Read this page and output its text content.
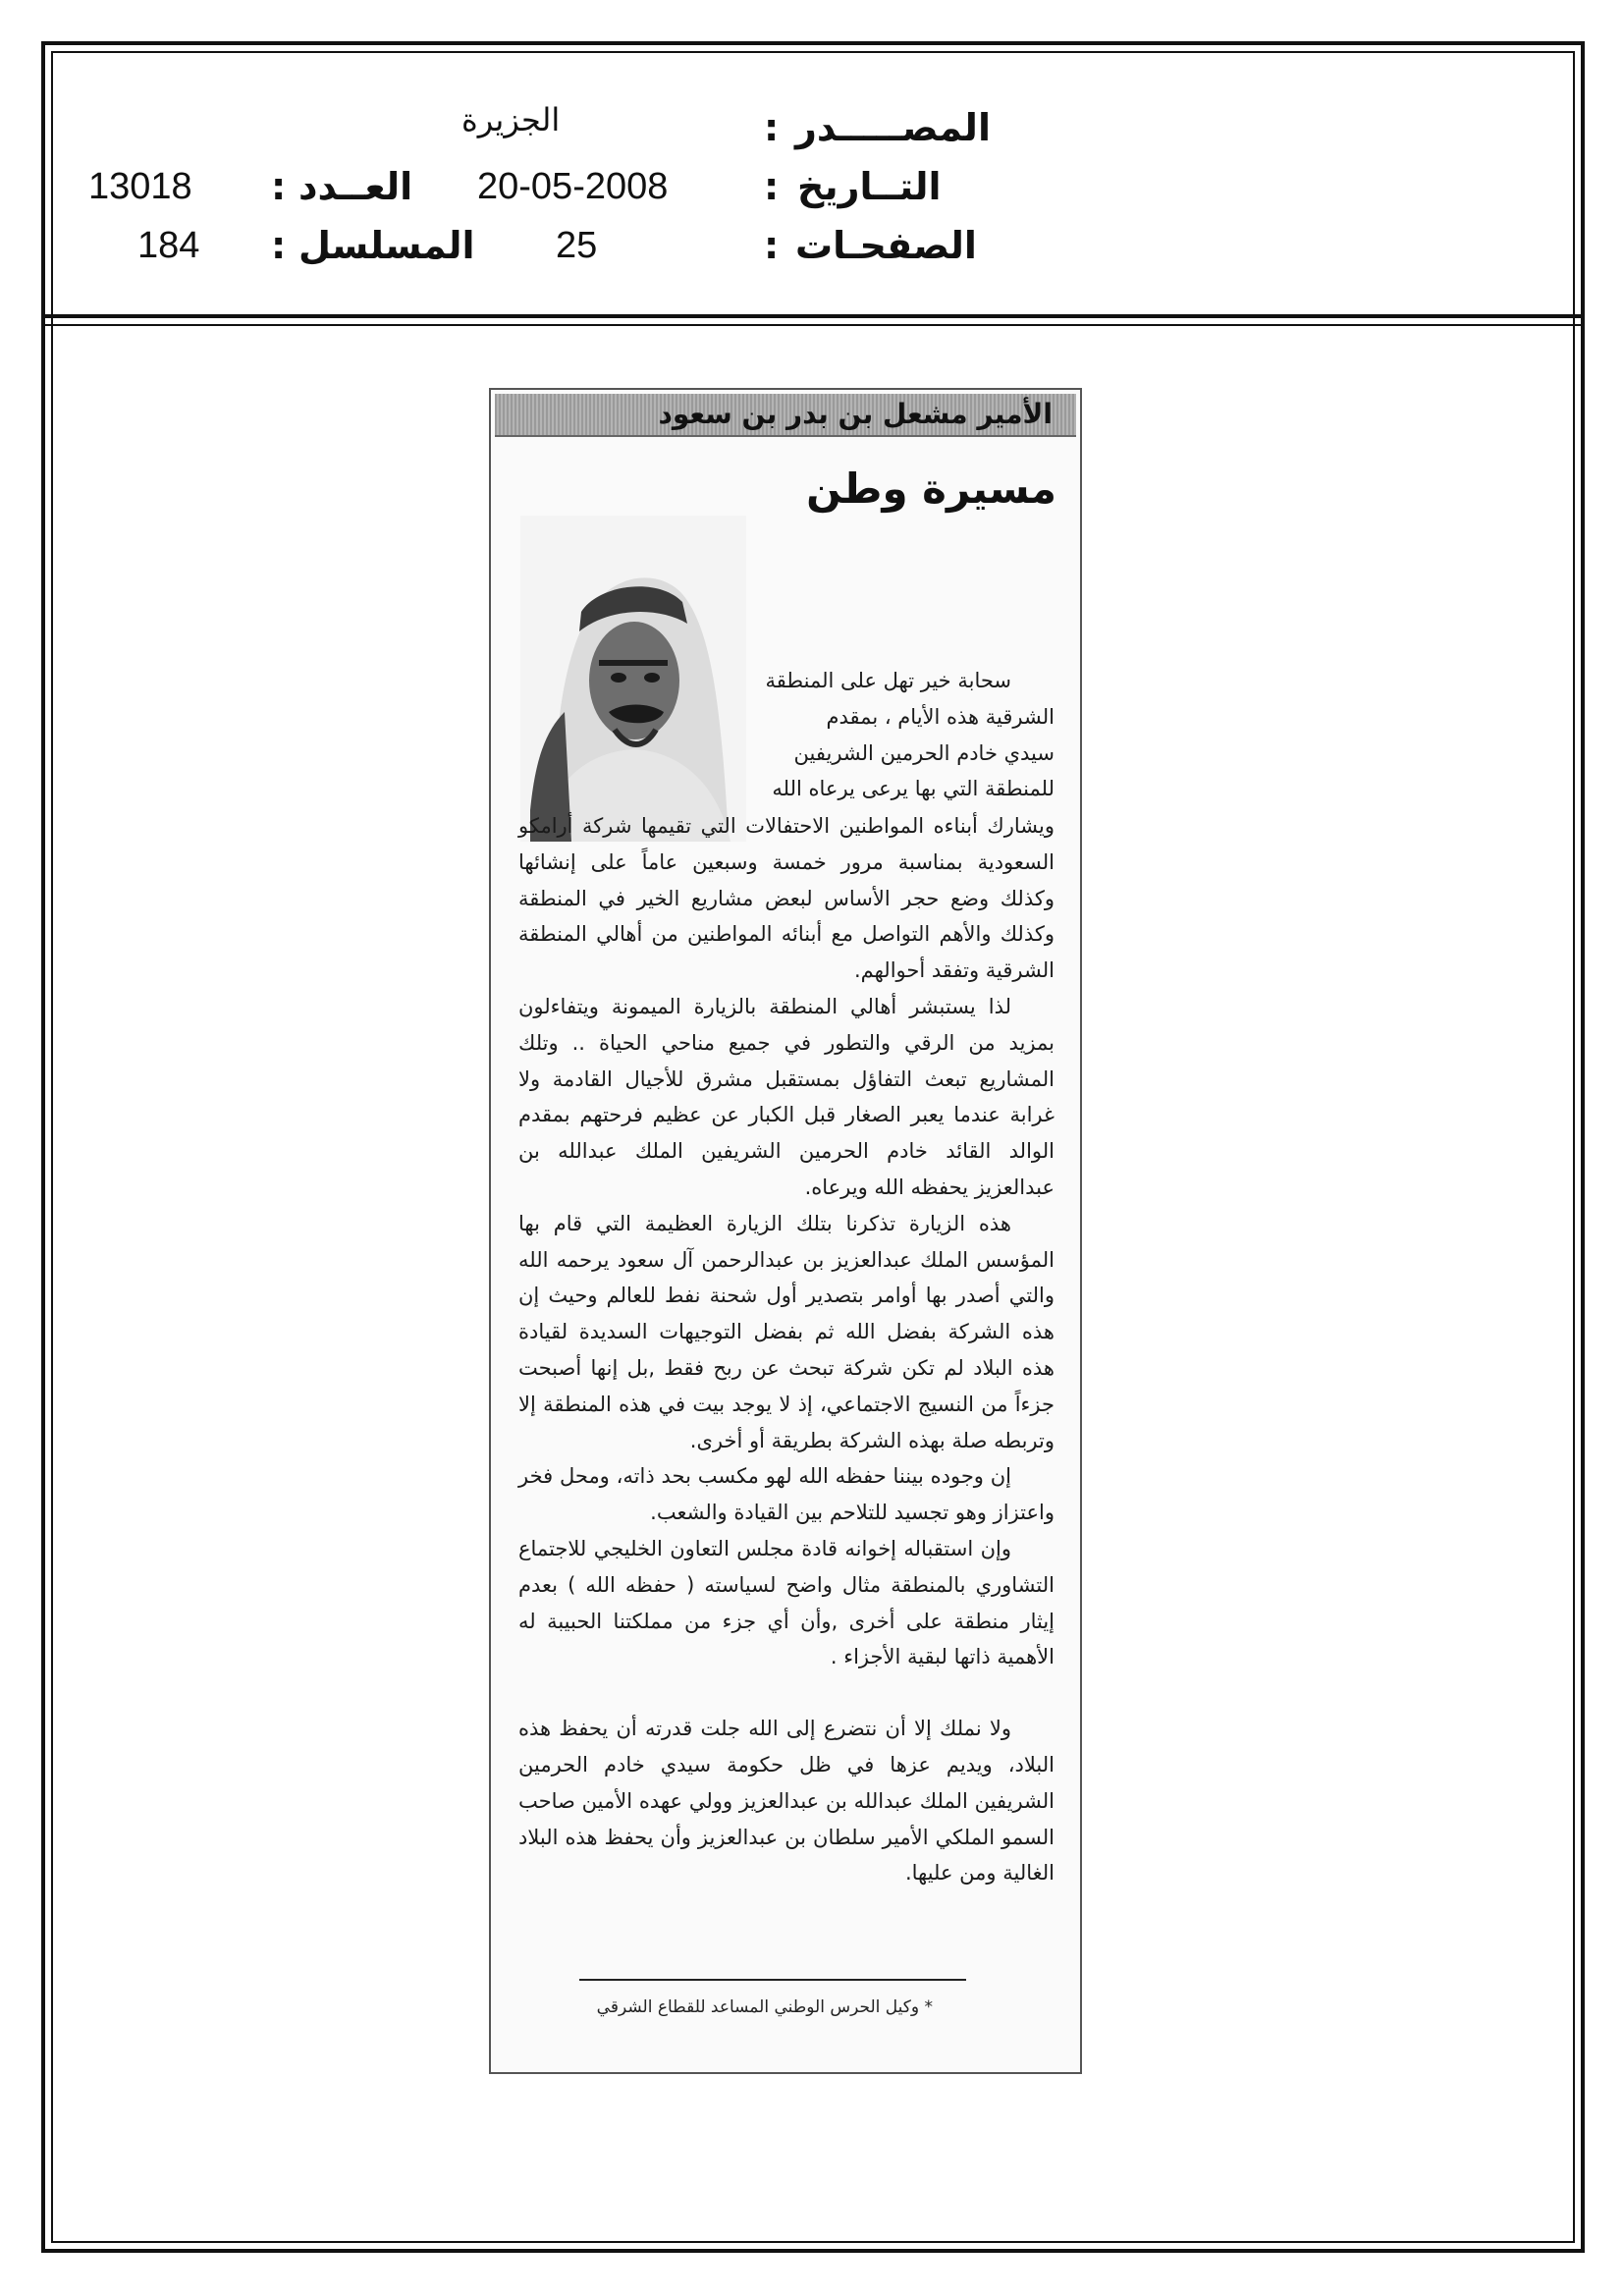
المصـــــدر
:
الجزيرة
التــاريخ
:
20-05-2008
الصفحـات
:
25
العــدد
:
13018
المسلسل
:
184
الأمير مشعل بن بدر بن سعود
مسيرة وطن
سحابة خير تهل على المنطقة
الشرقية هذه الأيام ، بمقدم
سيدي خادم الحرمين الشريفين
للمنطقة التي بها يرعى يرعاه الله

ويشارك أبناءه المواطنين الاحتفالات التي تقيمها شركة أرامكو السعودية بمناسبة مرور خمسة وسبعين عاماً على إنشائها وكذلك وضع حجر الأساس لبعض مشاريع الخير في المنطقة وكذلك والأهم التواصل مع أبنائه المواطنين من أهالي المنطقة الشرقية وتفقد أحوالهم.

لذا يستبشر أهالي المنطقة بالزيارة الميمونة ويتفاءلون بمزيد من الرقي والتطور في جميع مناحي الحياة .. وتلك المشاريع تبعث التفاؤل بمستقبل مشرق للأجيال القادمة ولا غرابة عندما يعبر الصغار قبل الكبار عن عظيم فرحتهم بمقدم الوالد القائد خادم الحرمين الشريفين الملك عبدالله بن عبدالعزيز يحفظه الله ويرعاه.

هذه الزيارة تذكرنا بتلك الزيارة العظيمة التي قام بها المؤسس الملك عبدالعزيز بن عبدالرحمن آل سعود يرحمه الله والتي أصدر بها أوامر بتصدير أول شحنة نفط للعالم وحيث إن هذه الشركة بفضل الله ثم بفضل التوجيهات السديدة لقيادة هذه البلاد لم تكن شركة تبحث عن ربح فقط ,بل إنها أصبحت جزءاً من النسيج الاجتماعي، إذ لا يوجد بيت في هذه المنطقة إلا وتربطه صلة بهذه الشركة بطريقة أو أخرى.

إن وجوده بيننا حفظه الله لهو مكسب بحد ذاته، ومحل فخر واعتزاز وهو تجسيد للتلاحم بين القيادة والشعب.

وإن استقباله إخوانه قادة مجلس التعاون الخليجي للاجتماع التشاوري بالمنطقة مثال واضح لسياسته ( حفظه الله ) بعدم إيثار منطقة على أخرى ,وأن أي جزء من مملكتنا الحبيبة له الأهمية ذاتها لبقية الأجزاء .

ولا نملك إلا أن نتضرع إلى الله جلت قدرته أن يحفظ هذه البلاد، ويديم عزها في ظل حكومة سيدي خادم الحرمين الشريفين الملك عبدالله بن عبدالعزيز وولي عهده الأمين صاحب السمو الملكي الأمير سلطان بن عبدالعزيز وأن يحفظ هذه البلاد الغالية ومن عليها.

* وكيل الحرس الوطني المساعد للقطاع الشرقي
